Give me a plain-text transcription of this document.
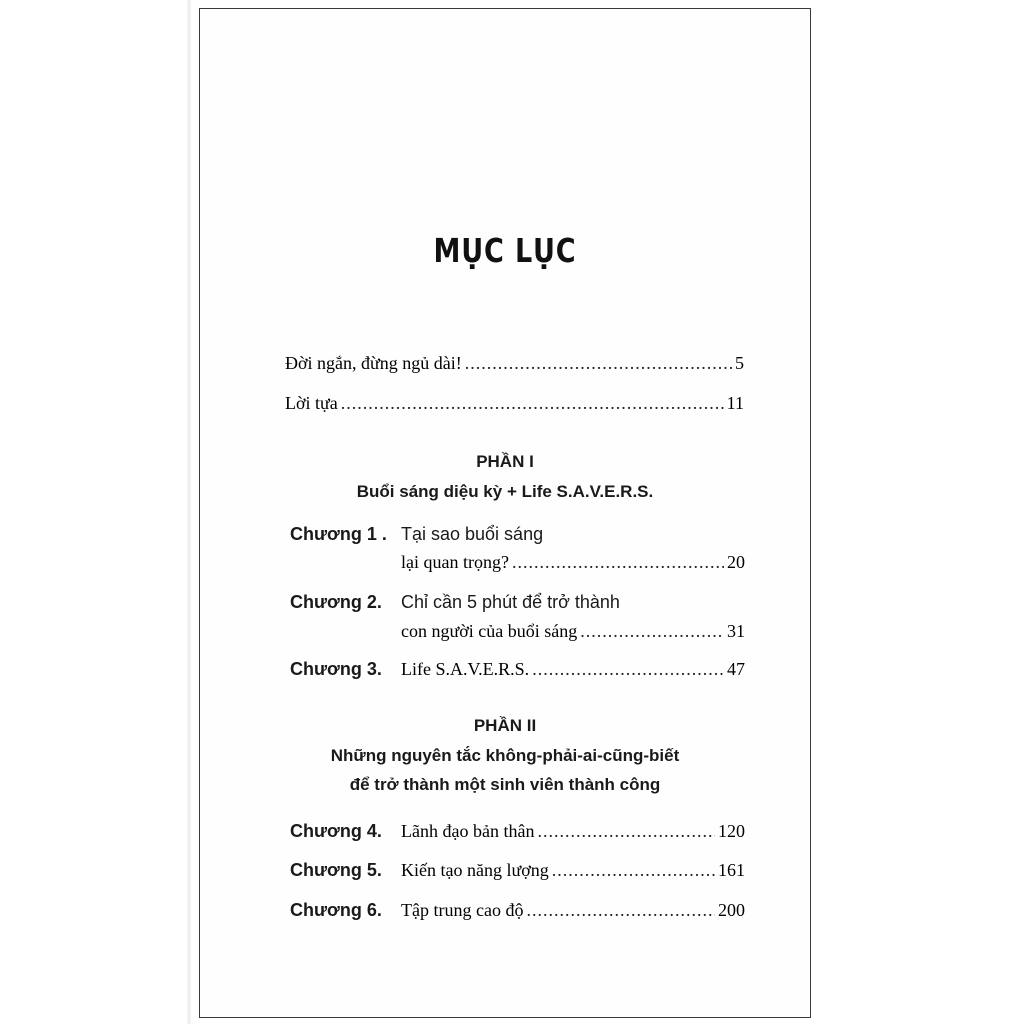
MỤC LỤC
Đời ngắn, đừng ngủ dài! .....	5
Lời tựa .....	11
PHẦN I
Buổi sáng diệu kỳ + Life S.A.V.E.R.S.
Chương 1 . Tại sao buổi sáng
lại quan trọng? .....	20
Chương 2. Chỉ cần 5 phút để trở thành
con người của buổi sáng .....	31
Chương 3. Life S.A.V.E.R.S. .....	47
PHẦN II
Những nguyên tắc không-phải-ai-cũng-biết
để trở thành một sinh viên thành công
Chương 4. Lãnh đạo bản thân .....	120
Chương 5. Kiến tạo năng lượng .....	161
Chương 6. Tập trung cao độ .....	200
